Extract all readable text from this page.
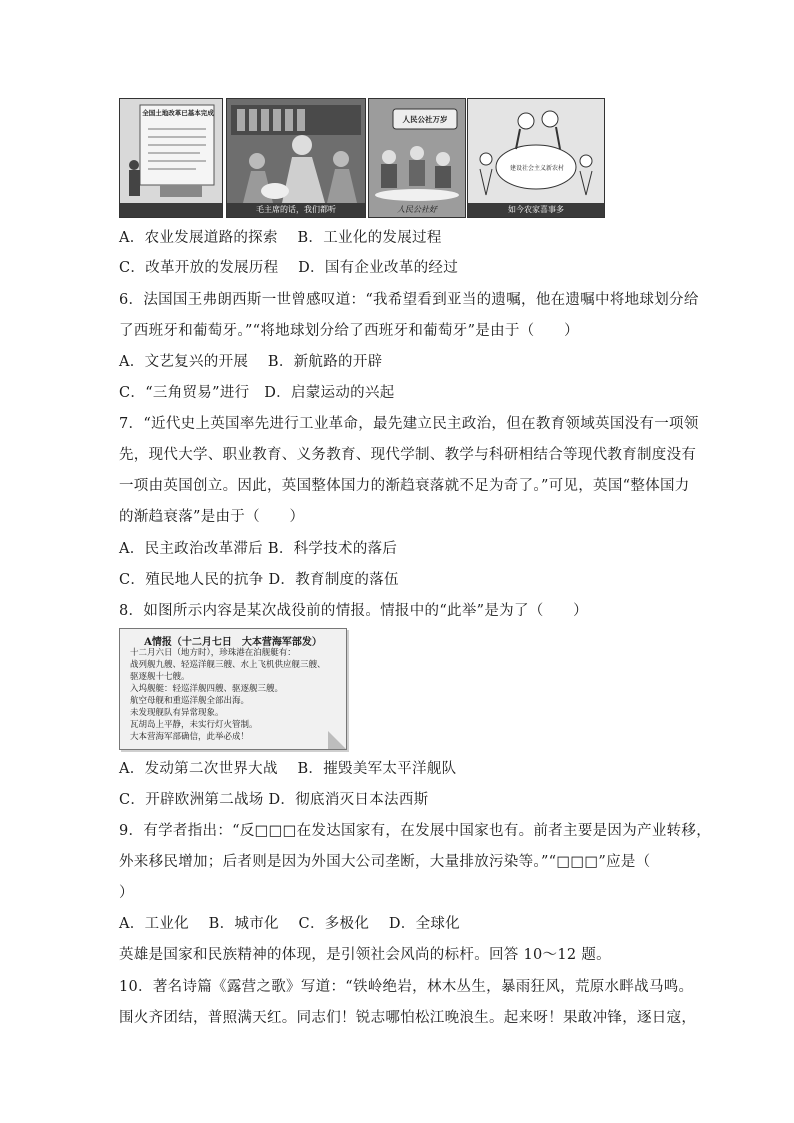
全国土地改革已基本完成
毛主席的话，我们都听
人民公社万岁
人民公社好
建设社会主义新农村
如今农家喜事多
A．农业发展道路的探索　 B．工业化的发展过程
C．改革开放的发展历程　 D．国有企业改革的经过
6．法国国王弗朗西斯一世曾感叹道：“我希望看到亚当的遗嘱，他在遗嘱中将地球划分给
了西班牙和葡萄牙。”“将地球划分给了西班牙和葡萄牙”是由于（　　）
A．文艺复兴的开展　 B．新航路的开辟
C．“三角贸易”进行　D．启蒙运动的兴起
7．“近代史上英国率先进行工业革命，最先建立民主政治，但在教育领域英国没有一项领
先，现代大学、职业教育、义务教育、现代学制、教学与科研相结合等现代教育制度没有
一项由英国创立。因此，英国整体国力的渐趋衰落就不足为奇了。”可见，英国“整体国力
的渐趋衰落”是由于（　　）
A．民主政治改革滞后 B．科学技术的落后
C．殖民地人民的抗争 D．教育制度的落伍
8．如图所示内容是某次战役前的情报。情报中的“此举”是为了（　　）
A情报（十二月七日　大本营海军部发）
十二月六日（地方时），珍珠港在泊舰艇有：
战列舰九艘、轻巡洋舰三艘、水上飞机供应舰三艘、
驱逐舰十七艘。
入坞舰艇：轻巡洋舰四艘、驱逐舰三艘。
航空母舰和重巡洋舰全部出海。
未发现舰队有异常现象。
瓦胡岛上平静，未实行灯火管制。
大本营海军部确信，此举必成！
A．发动第二次世界大战　 B．摧毁美军太平洋舰队
C．开辟欧洲第二战场 D．彻底消灭日本法西斯
9．有学者指出：“反□□□在发达国家有，在发展中国家也有。前者主要是因为产业转移，
外来移民增加；后者则是因为外国大公司垄断，大量排放污染等。”“□□□”应是（
）
A．工业化　 B．城市化　 C．多极化　 D．全球化
英雄是国家和民族精神的体现，是引领社会风尚的标杆。回答 10～12 题。
10．著名诗篇《露营之歌》写道：“铁岭绝岩，林木丛生，暴雨狂风，荒原水畔战马鸣。
围火齐团结，普照满天红。同志们！锐志哪怕松江晚浪生。起来呀！果敢冲锋，逐日寇，
